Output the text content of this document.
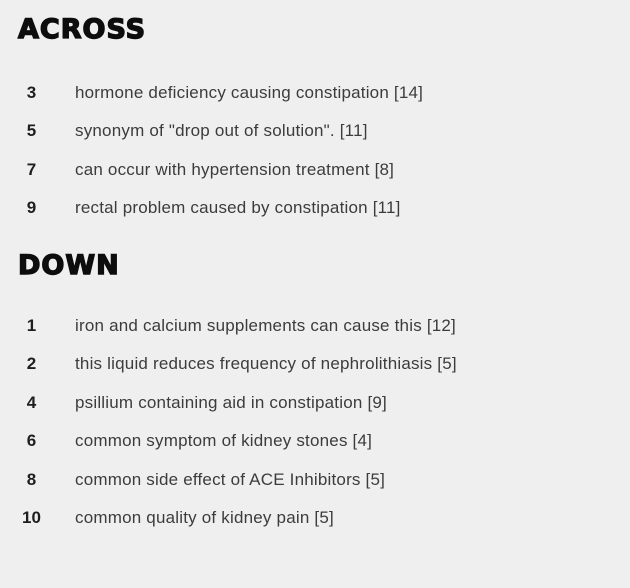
ACROSS
3	hormone deficiency causing constipation [14]
5	synonym of "drop out of solution". [11]
7	can occur with hypertension treatment [8]
9	rectal problem caused by constipation [11]
DOWN
1	iron and calcium supplements can cause this [12]
2	this liquid reduces frequency of nephrolithiasis [5]
4	psillium containing aid in constipation [9]
6	common symptom of kidney stones [4]
8	common side effect of ACE Inhibitors [5]
10	common quality of kidney pain [5]
